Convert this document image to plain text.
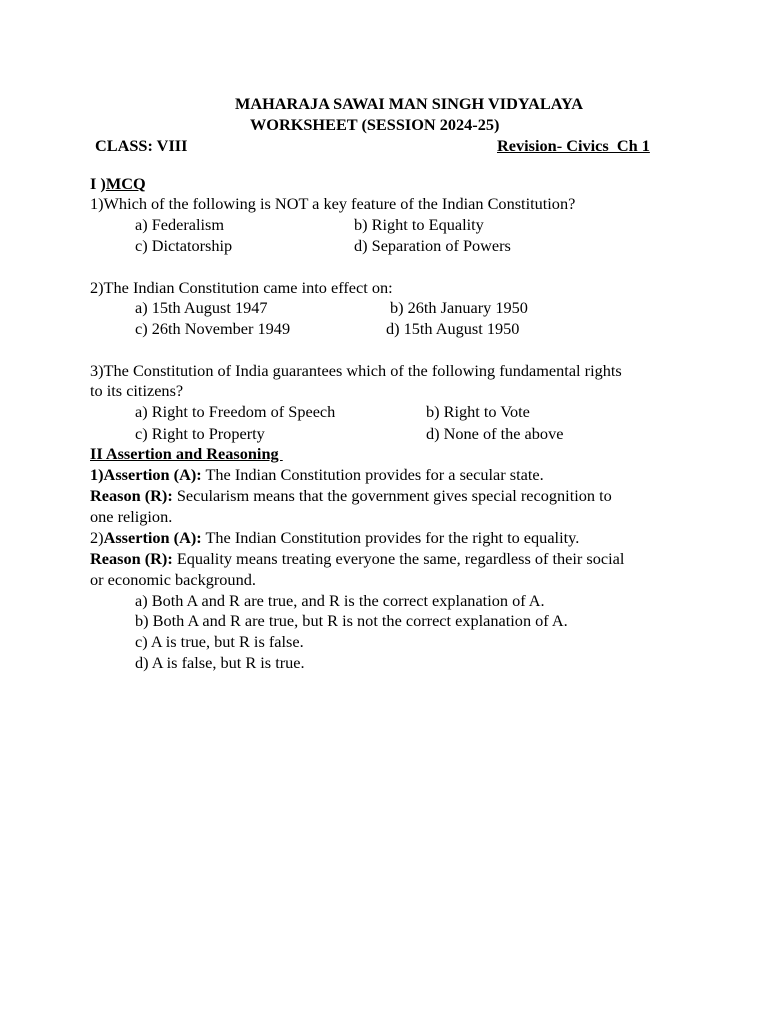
MAHARAJA SAWAI MAN SINGH VIDYALAYA
WORKSHEET (SESSION 2024-25)
CLASS: VIII	Revision- Civics  Ch 1
I )MCQ
1)Which of the following is NOT a key feature of the Indian Constitution?
a) Federalism	b) Right to Equality
c) Dictatorship	d) Separation of Powers
2)The Indian Constitution came into effect on:
a) 15th August 1947	b) 26th January 1950
c) 26th November 1949	d) 15th August 1950
3)The Constitution of India guarantees which of the following fundamental rights
to its citizens?
a) Right to Freedom of Speech	b) Right to Vote
c) Right to Property	d) None of the above
II Assertion and Reasoning
1)Assertion (A): The Indian Constitution provides for a secular state.
Reason (R): Secularism means that the government gives special recognition to
one religion.
2)Assertion (A): The Indian Constitution provides for the right to equality.
Reason (R): Equality means treating everyone the same, regardless of their social
or economic background.
a) Both A and R are true, and R is the correct explanation of A.
b) Both A and R are true, but R is not the correct explanation of A.
c) A is true, but R is false.
d) A is false, but R is true.
